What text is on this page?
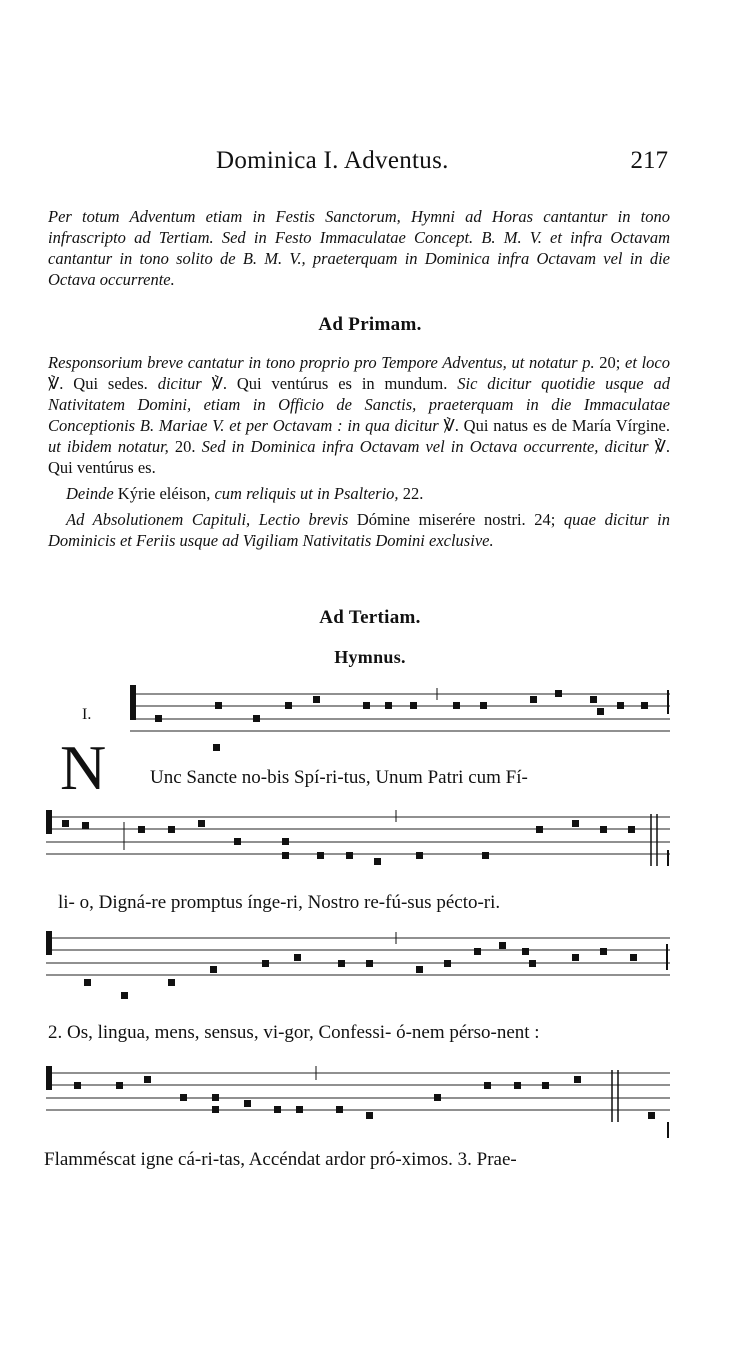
Dominica I. Adventus.	217
Per totum Adventum etiam in Festis Sanctorum, Hymni ad Horas cantantur in tono infrascripto ad Tertiam. Sed in Festo Immaculatae Concept. B. M. V. et infra Octavam cantantur in tono solito de B. M. V., praeterquam in Dominica infra Octavam vel in die Octava occurrente.
Ad Primam.

Responsorium breve cantatur in tono proprio pro Tempore Adventus, ut notatur p. 20; et loco ℣. Qui sedes. dicitur ℣. Qui ventúrus es in mundum. Sic dicitur quotidie usque ad Nativitatem Domini, etiam in Officio de Sanctis, praeterquam in die Immaculatae Conceptionis B. Mariae V. et per Octavam : in qua dicitur ℣. Qui natus es de María Vírgine. ut ibidem notatur, 20. Sed in Dominica infra Octavam vel in Octava occurrente, dicitur ℣. Qui ventúrus es.

Deinde Kýrie eléison, cum reliquis ut in Psalterio, 22.

Ad Absolutionem Capituli, Lectio brevis Dómine miserére nostri. 24; quae dicitur in Dominicis et Feriis usque ad Vigiliam Nativitatis Domini exclusive.

Ad Tertiam.
Hymnus.
I.
N Unc Sancte no-bis Spí-ri-tus, Unum Patri cum Fí-
li- o, Digná-re promptus ínge-ri, Nostro re-fú-sus pécto-ri.
2. Os, lingua, mens, sensus, vi-gor, Confessi- ó-nem pérso-nent :
Flamméscat igne cá-ri-tas, Accéndat ardor pró-ximos. 3. Prae-
